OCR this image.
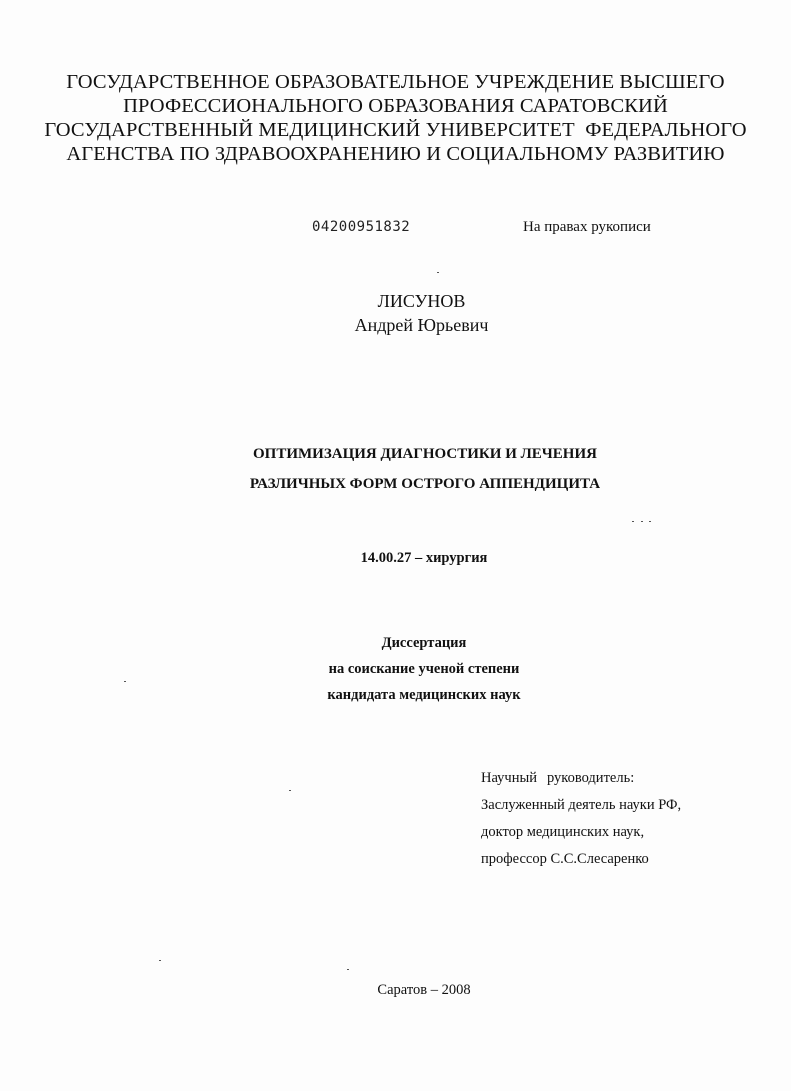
ГОСУДАРСТВЕННОЕ ОБРАЗОВАТЕЛЬНОЕ УЧРЕЖДЕНИЕ ВЫСШЕГО
ПРОФЕССИОНАЛЬНОГО ОБРАЗОВАНИЯ САРАТОВСКИЙ
ГОСУДАРСТВЕННЫЙ МЕДИЦИНСКИЙ УНИВЕРСИТЕТ  ФЕДЕРАЛЬНОГО
АГЕНСТВА ПО ЗДРАВООХРАНЕНИЮ И СОЦИАЛЬНОМУ РАЗВИТИЮ
04200951832	На правах рукописи
ЛИСУНОВ
Андрей Юрьевич
ОПТИМИЗАЦИЯ ДИАГНОСТИКИ И ЛЕЧЕНИЯ
РАЗЛИЧНЫХ ФОРМ ОСТРОГО АППЕНДИЦИТА
14.00.27 – хирургия
Диссертация
на соискание ученой степени
кандидата медицинских наук
Научный руководитель:
Заслуженный деятель науки РФ,
доктор медицинских наук,
профессор С.С.Слесаренко
Саратов – 2008
